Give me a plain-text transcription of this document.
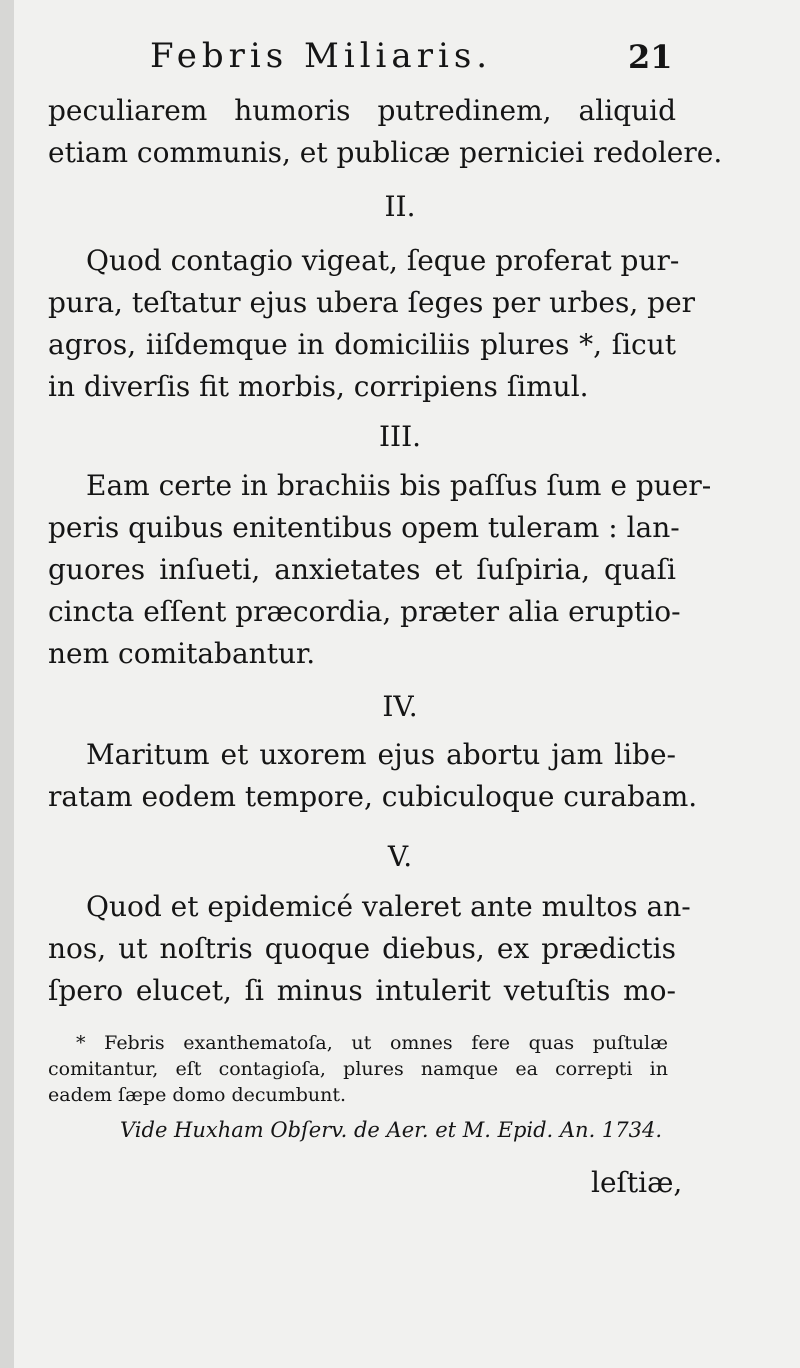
Febris Miliaris.	21
peculiarem humoris putredinem, aliquid
etiam communis, et publicæ perniciei redolere.
II.
Quod contagio vigeat, ſeque proferat pur-
pura, teſtatur ejus ubera ſeges per urbes, per
agros, iiſdemque in domiciliis plures *, ſicut
in diverſis fit morbis, corripiens ſimul.
III.
Eam certe in brachiis bis paſſus ſum e puer-
peris quibus enitentibus opem tuleram : lan-
guores inſueti, anxietates et ſuſpiria, quaſi
cincta eſſent præcordia, præter alia eruptio-
nem comitabantur.
IV.
Maritum et uxorem ejus abortu jam libe-
ratam eodem tempore, cubiculoque curabam.
V.
Quod et epidemicé valeret ante multos an-
nos, ut noſtris quoque diebus, ex prædictis
ſpero elucet, ſi minus intulerit vetuſtis mo-
* Febris exanthematoſa, ut omnes fere quas puſtulæ
comitantur, eſt contagioſa, plures namque ea correpti in
eadem ſæpe domo decumbunt.
Vide Huxham Obſerv. de Aer. et M. Epid. An. 1734.
leſtiæ,
